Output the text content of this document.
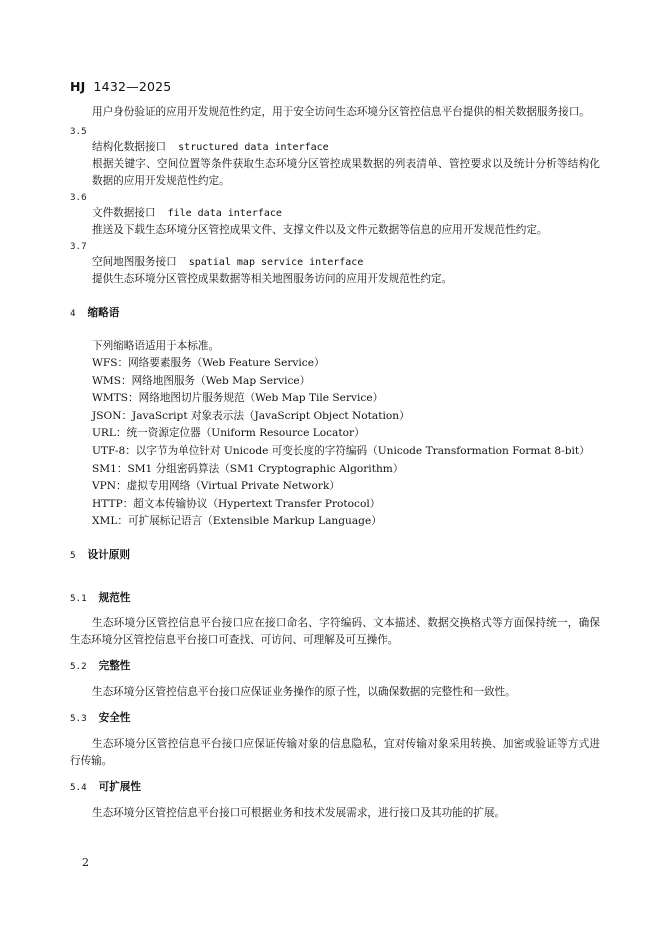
HJ 1432—2025

用户身份验证的应用开发规范性约定，用于安全访问生态环境分区管控信息平台提供的相关数据服务接口。

3.5

结构化数据接口 structured data interface

根据关键字、空间位置等条件获取生态环境分区管控成果数据的列表清单、管控要求以及统计分析等结构化数据的应用开发规范性约定。

3.6

文件数据接口 file data interface

推送及下载生态环境分区管控成果文件、支撑文件以及文件元数据等信息的应用开发规范性约定。

3.7

空间地图服务接口 spatial map service interface

提供生态环境分区管控成果数据等相关地图服务访问的应用开发规范性约定。

4 缩略语

下列缩略语适用于本标准。

WFS：网络要素服务（Web Feature Service）
WMS：网络地图服务（Web Map Service）
WMTS：网络地图切片服务规范（Web Map Tile Service）
JSON：JavaScript 对象表示法（JavaScript Object Notation）
URL：统一资源定位器（Uniform Resource Locator）
UTF-8：以字节为单位针对 Unicode 可变长度的字符编码（Unicode Transformation Format 8-bit）
SM1：SM1 分组密码算法（SM1 Cryptographic Algorithm）
VPN：虚拟专用网络（Virtual Private Network）
HTTP：超文本传输协议（Hypertext Transfer Protocol）
XML：可扩展标记语言（Extensible Markup Language）

5 设计原则

5.1 规范性

生态环境分区管控信息平台接口应在接口命名、字符编码、文本描述、数据交换格式等方面保持统一，确保生态环境分区管控信息平台接口可查找、可访问、可理解及可互操作。

5.2 完整性

生态环境分区管控信息平台接口应保证业务操作的原子性，以确保数据的完整性和一致性。

5.3 安全性

生态环境分区管控信息平台接口应保证传输对象的信息隐私，宜对传输对象采用转换、加密或验证等方式进行传输。

5.4 可扩展性

生态环境分区管控信息平台接口可根据业务和技术发展需求，进行接口及其功能的扩展。

2
